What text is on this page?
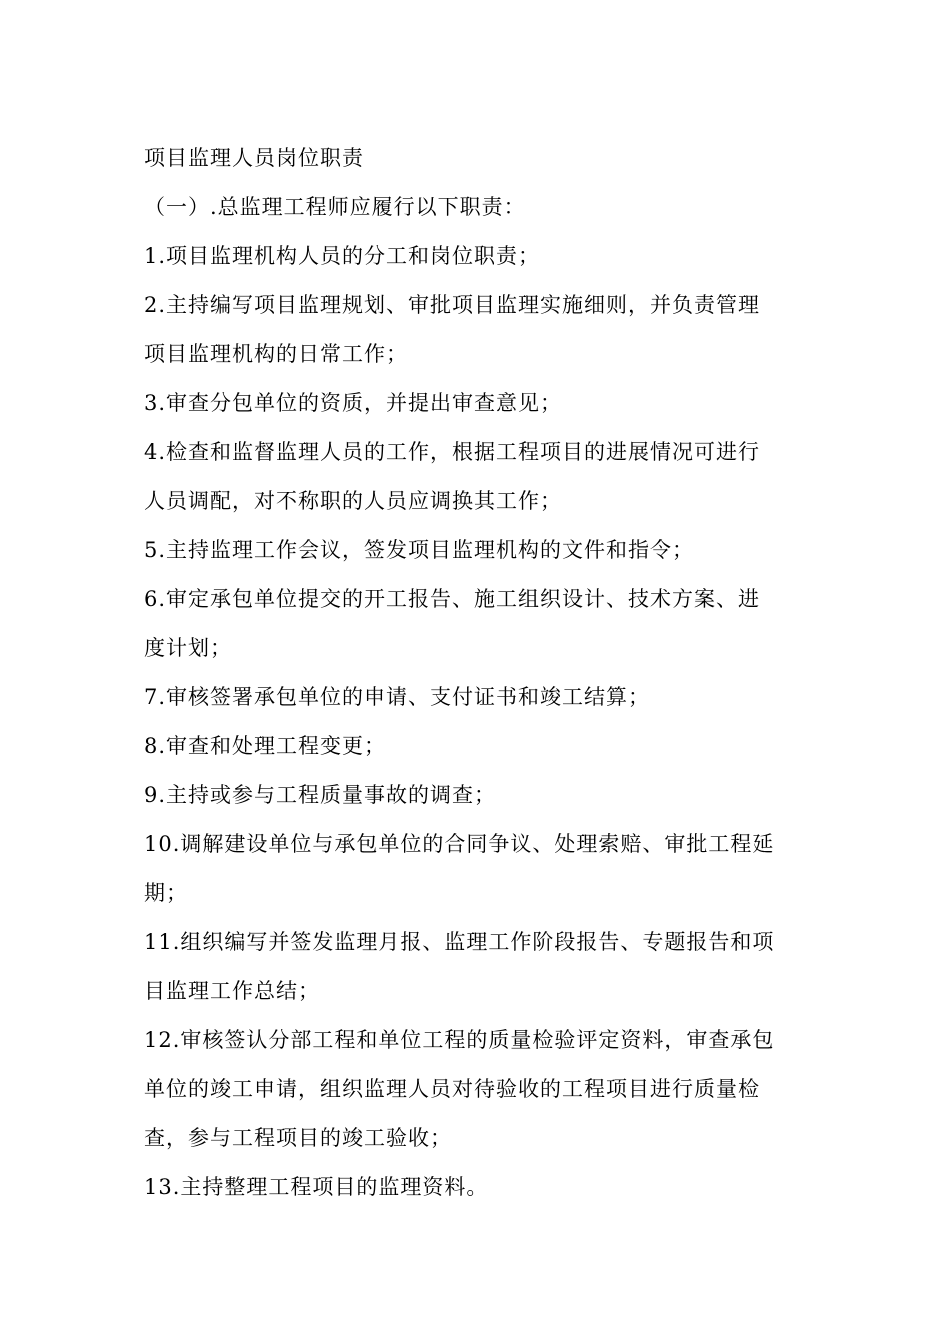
项目监理人员岗位职责
（一）.总监理工程师应履行以下职责：
1.项目监理机构人员的分工和岗位职责；
2.主持编写项目监理规划、审批项目监理实施细则，并负责管理
项目监理机构的日常工作；
3.审查分包单位的资质，并提出审查意见；
4.检查和监督监理人员的工作，根据工程项目的进展情况可进行
人员调配，对不称职的人员应调换其工作；
5.主持监理工作会议，签发项目监理机构的文件和指令；
6.审定承包单位提交的开工报告、施工组织设计、技术方案、进
度计划；
7.审核签署承包单位的申请、支付证书和竣工结算；
8.审查和处理工程变更；
9.主持或参与工程质量事故的调查；
10.调解建设单位与承包单位的合同争议、处理索赔、审批工程延
期；
11.组织编写并签发监理月报、监理工作阶段报告、专题报告和项
目监理工作总结；
12.审核签认分部工程和单位工程的质量检验评定资料，审查承包
单位的竣工申请，组织监理人员对待验收的工程项目进行质量检
查，参与工程项目的竣工验收；
13.主持整理工程项目的监理资料。
